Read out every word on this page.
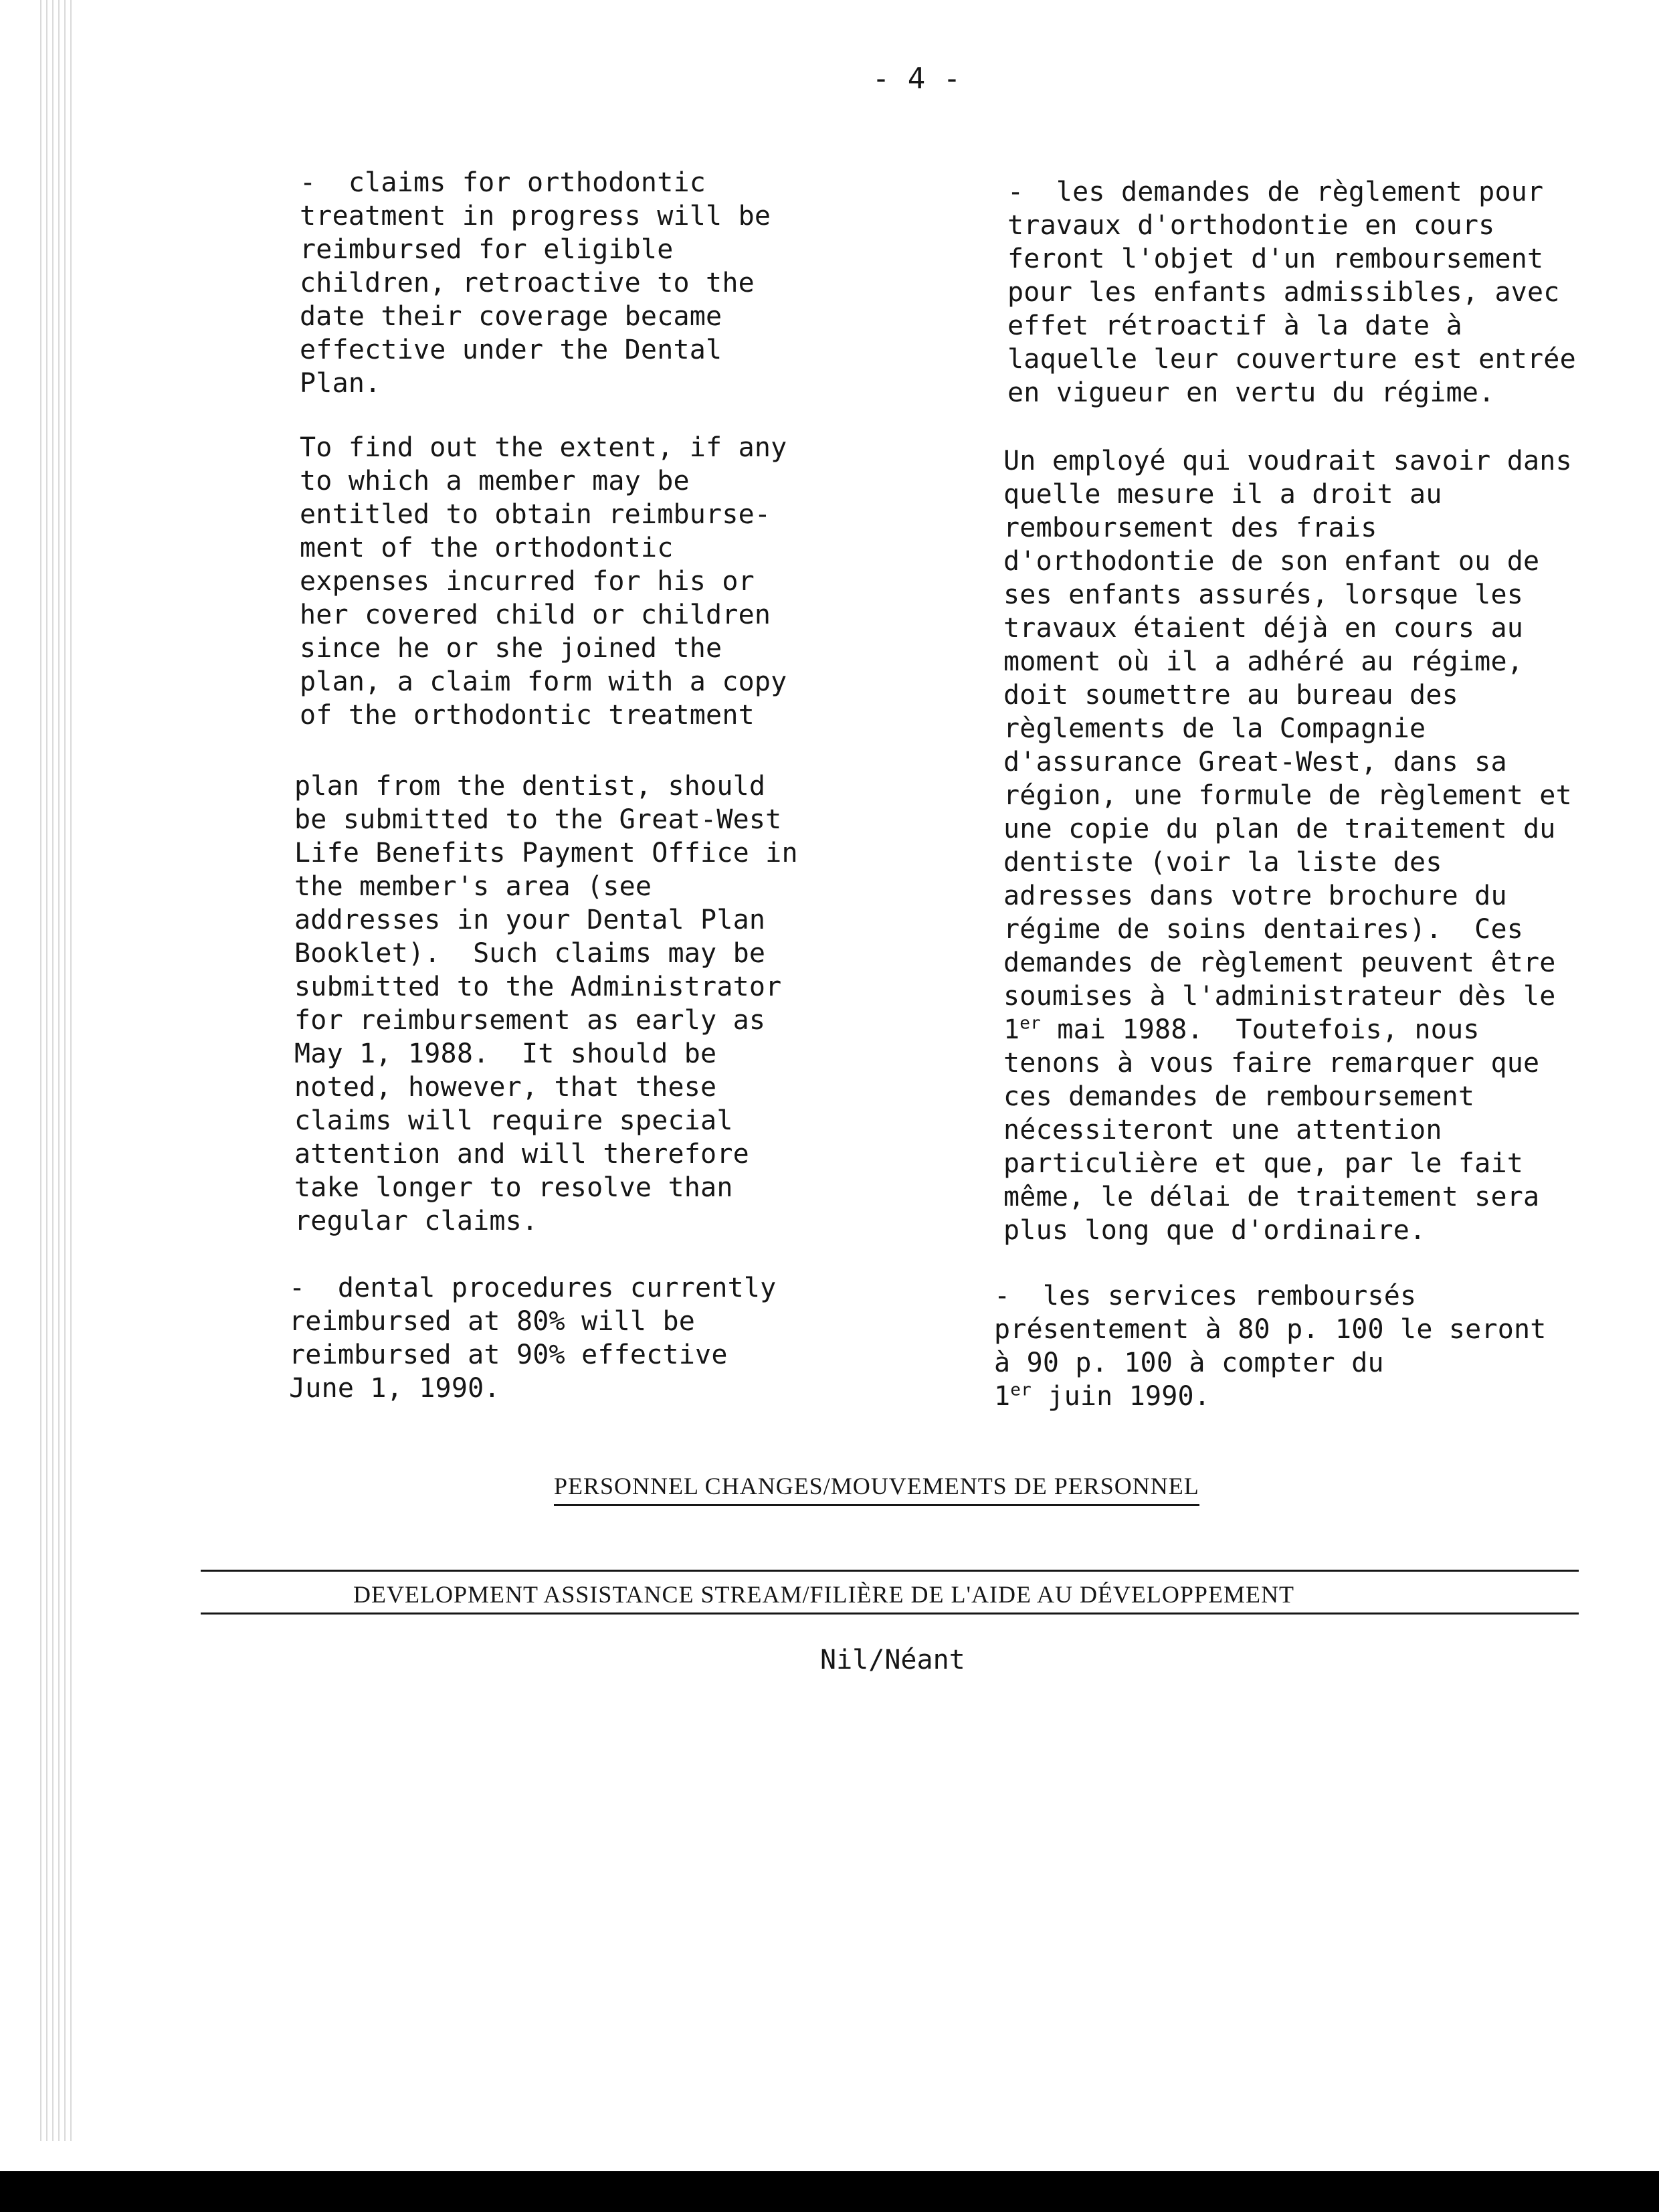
- 4 -
-  claims for orthodontic
treatment in progress will be
reimbursed for eligible
children, retroactive to the
date their coverage became
effective under the Dental
Plan.
To find out the extent, if any
to which a member may be
entitled to obtain reimburse-
ment of the orthodontic
expenses incurred for his or
her covered child or children
since he or she joined the
plan, a claim form with a copy
of the orthodontic treatment
plan from the dentist, should
be submitted to the Great-West
Life Benefits Payment Office in
the member's area (see
addresses in your Dental Plan
Booklet).  Such claims may be
submitted to the Administrator
for reimbursement as early as
May 1, 1988.  It should be
noted, however, that these
claims will require special
attention and will therefore
take longer to resolve than
regular claims.
-  dental procedures currently
reimbursed at 80% will be
reimbursed at 90% effective
June 1, 1990.
-  les demandes de règlement pour
travaux d'orthodontie en cours
feront l'objet d'un remboursement
pour les enfants admissibles, avec
effet rétroactif à la date à
laquelle leur couverture est entrée
en vigueur en vertu du régime.
Un employé qui voudrait savoir dans
quelle mesure il a droit au
remboursement des frais
d'orthodontie de son enfant ou de
ses enfants assurés, lorsque les
travaux étaient déjà en cours au
moment où il a adhéré au régime,
doit soumettre au bureau des
règlements de la Compagnie
d'assurance Great-West, dans sa
région, une formule de règlement et
une copie du plan de traitement du
dentiste (voir la liste des
adresses dans votre brochure du
régime de soins dentaires).  Ces
demandes de règlement peuvent être
soumises à l'administrateur dès le
1er mai 1988.  Toutefois, nous
tenons à vous faire remarquer que
ces demandes de remboursement
nécessiteront une attention
particulière et que, par le fait
même, le délai de traitement sera
plus long que d'ordinaire.
-  les services remboursés
présentement à 80 p. 100 le seront
à 90 p. 100 à compter du
1er juin 1990.
PERSONNEL CHANGES/MOUVEMENTS DE PERSONNEL
DEVELOPMENT ASSISTANCE STREAM/FILIÈRE DE L'AIDE AU DÉVELOPPEMENT
Nil/Néant
